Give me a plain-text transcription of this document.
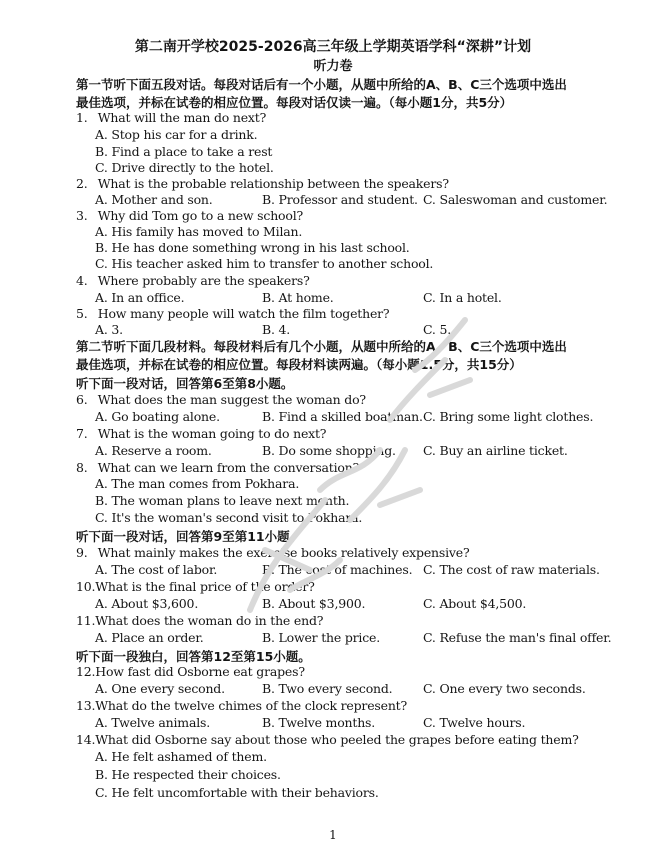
第二南开学校2025-2026高三年级上学期英语学科“深耕”计划
听力卷
第一节听下面五段对话。每段对话后有一个小题，从题中所给的A、B、C三个选项中选出
最佳选项，并标在试卷的相应位置。每段对话仅读一遍。（每小题1分，共5分）
1. What will the man do next?
A. Stop his car for a drink.
B. Find a place to take a rest
C. Drive directly to the hotel.
2. What is the probable relationship between the speakers?
A. Mother and son.	B. Professor and student. C. Saleswoman and customer.
3. Why did Tom go to a new school?
A. His family has moved to Milan.
B. He has done something wrong in his last school.
C. His teacher asked him to transfer to another school.
4. Where probably are the speakers?
A. In an office.	B. At home.	C. In a hotel.
5. How many people will watch the film together?
A. 3.	B. 4.	C. 5.
第二节听下面几段材料。每段材料后有几个小题，从题中所给的A、B、C三个选项中选出
最佳选项，并标在试卷的相应位置。每段材料读两遍。（每小题1.5分，共15分）
听下面一段对话，回答第6至第8小题。
6. What does the man suggest the woman do?
A. Go boating alone.	B. Find a skilled boatman. C. Bring some light clothes.
7. What is the woman going to do next?
A. Reserve a room.	B. Do some shopping. C. Buy an airline ticket.
8. What can we learn from the conversation?
A. The man comes from Pokhara.
B. The woman plans to leave next month.
C. It's the woman's second visit to Pokhara.
听下面一段对话，回答第9至第11小题。
9. What mainly makes the exercise books relatively expensive?
A. The cost of labor.	B. The cost of machines. C. The cost of raw materials.
10.What is the final price of the order?
A. About $3,600.	B. About $3,900.	C. About $4,500.
11.What does the woman do in the end?
A. Place an order.	B. Lower the price.	C. Refuse the man's final offer.
听下面一段独白，回答第12至第15小题。
12.How fast did Osborne eat grapes?
A. One every second.	B. Two every second. C. One every two seconds.
13.What do the twelve chimes of the clock represent?
A. Twelve animals.	B. Twelve months.	C. Twelve hours.
14.What did Osborne say about those who peeled the grapes before eating them?
A. He felt ashamed of them.
B. He respected their choices.
C. He felt uncomfortable with their behaviors.
1
